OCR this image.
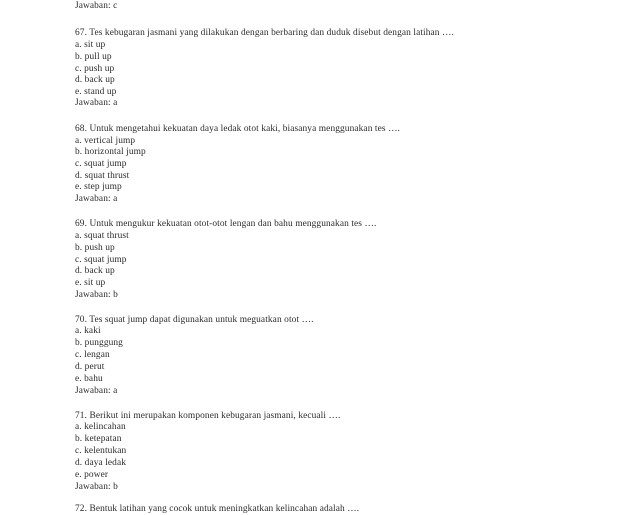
Jawaban: c
67. Tes kebugaran jasmani yang dilakukan dengan berbaring dan duduk disebut dengan latihan ….
a. sit up
b. pull up
c. push up
d. back up
e. stand up
Jawaban: a
68. Untuk mengetahui kekuatan daya ledak otot kaki, biasanya menggunakan tes ….
a. vertical jump
b. horizontal jump
c. squat jump
d. squat thrust
e. step jump
Jawaban: a
69. Untuk mengukur kekuatan otot-otot lengan dan bahu menggunakan tes ….
a. squat thrust
b. push up
c. squat jump
d. back up
e. sit up
Jawaban: b
70. Tes squat jump dapat digunakan untuk meguatkan otot ….
a. kaki
b. punggung
c. lengan
d. perut
e. bahu
Jawaban: a
71. Berikut ini merupakan komponen kebugaran jasmani, kecuali ….
a. kelincahan
b. ketepatan
c. kelentukan
d. daya ledak
e. power
Jawaban: b
72. Bentuk latihan yang cocok untuk meningkatkan kelincahan adalah ….
